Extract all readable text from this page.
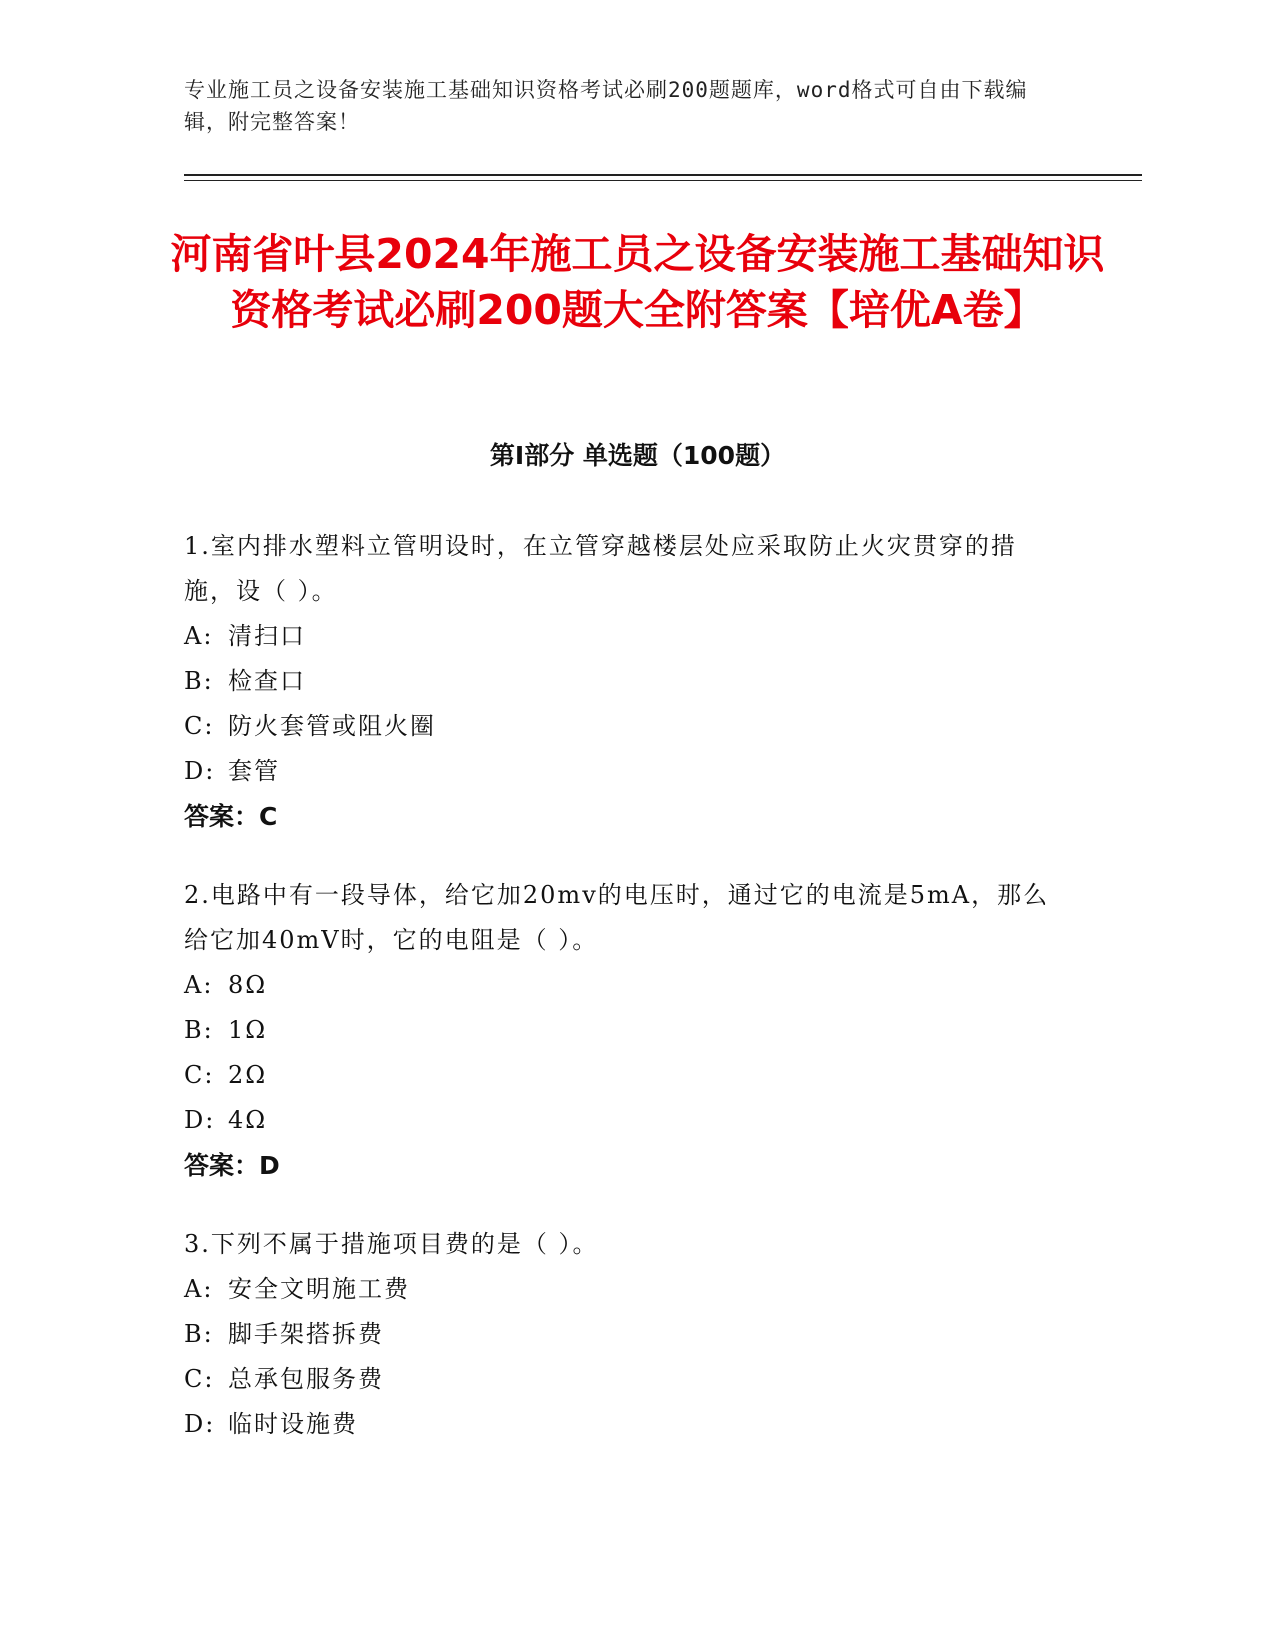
专业施工员之设备安装施工基础知识资格考试必刷200题题库，word格式可自由下载编辑，附完整答案！
河南省叶县2024年施工员之设备安装施工基础知识资格考试必刷200题大全附答案【培优A卷】
第I部分 单选题（100题）

1.室内排水塑料立管明设时，在立管穿越楼层处应采取防止火灾贯穿的措施，设（ ）。

A: 清扫口

B: 检查口

C: 防火套管或阻火圈

D: 套管

答案：C

2.电路中有一段导体，给它加20mv的电压时，通过它的电流是5mA，那么给它加40mV时，它的电阻是（ ）。

A: 8Ω

B: 1Ω

C: 2Ω

D: 4Ω

答案：D

3.下列不属于措施项目费的是（ ）。

A: 安全文明施工费

B: 脚手架搭拆费

C: 总承包服务费

D: 临时设施费
